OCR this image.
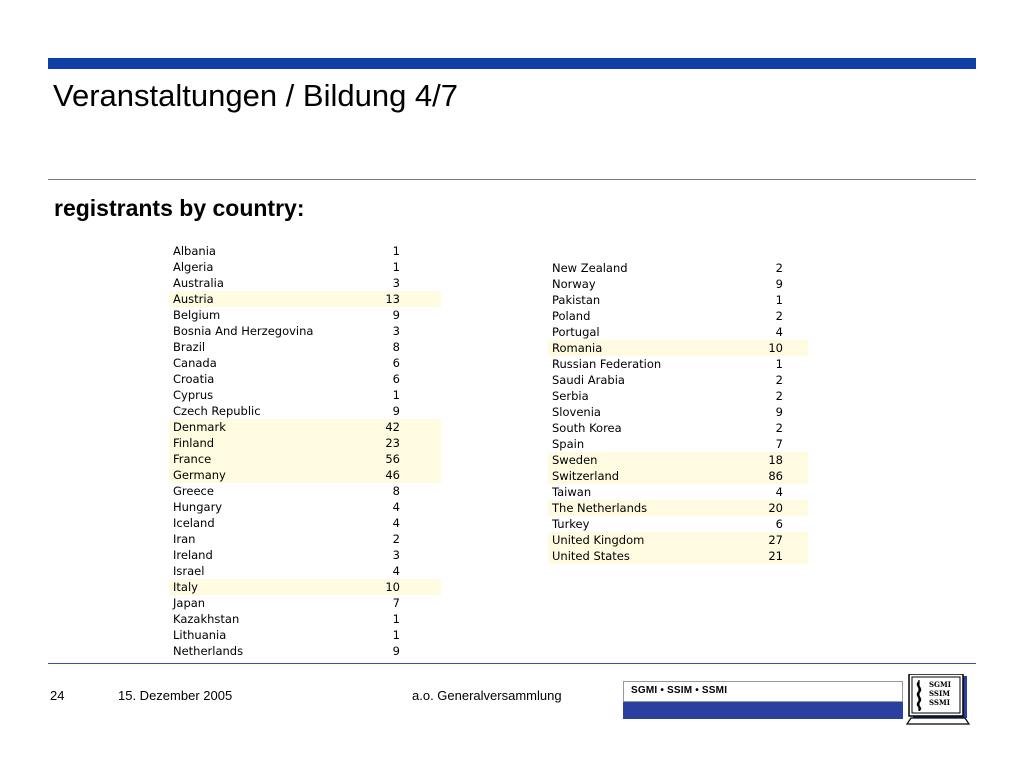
Veranstaltungen / Bildung 4/7
registrants by country:
Albania	1
Algeria	1
Australia	3
Austria	13
Belgium	9
Bosnia And Herzegovina	3
Brazil	8
Canada	6
Croatia	6
Cyprus	1
Czech Republic	9
Denmark	42
Finland	23
France	56
Germany	46
Greece	8
Hungary	4
Iceland	4
Iran	2
Ireland	3
Israel	4
Italy	10
Japan	7
Kazakhstan	1
Lithuania	1
Netherlands	9
New Zealand	2
Norway	9
Pakistan	1
Poland	2
Portugal	4
Romania	10
Russian Federation	1
Saudi Arabia	2
Serbia	2
Slovenia	9
South Korea	2
Spain	7
Sweden	18
Switzerland	86
Taiwan	4
The Netherlands	20
Turkey	6
United Kingdom	27
United States	21
24	15. Dezember 2005	a.o. Generalversammlung	SGMI • SSIM • SSMI
SGMI
SSIM
SSMI
